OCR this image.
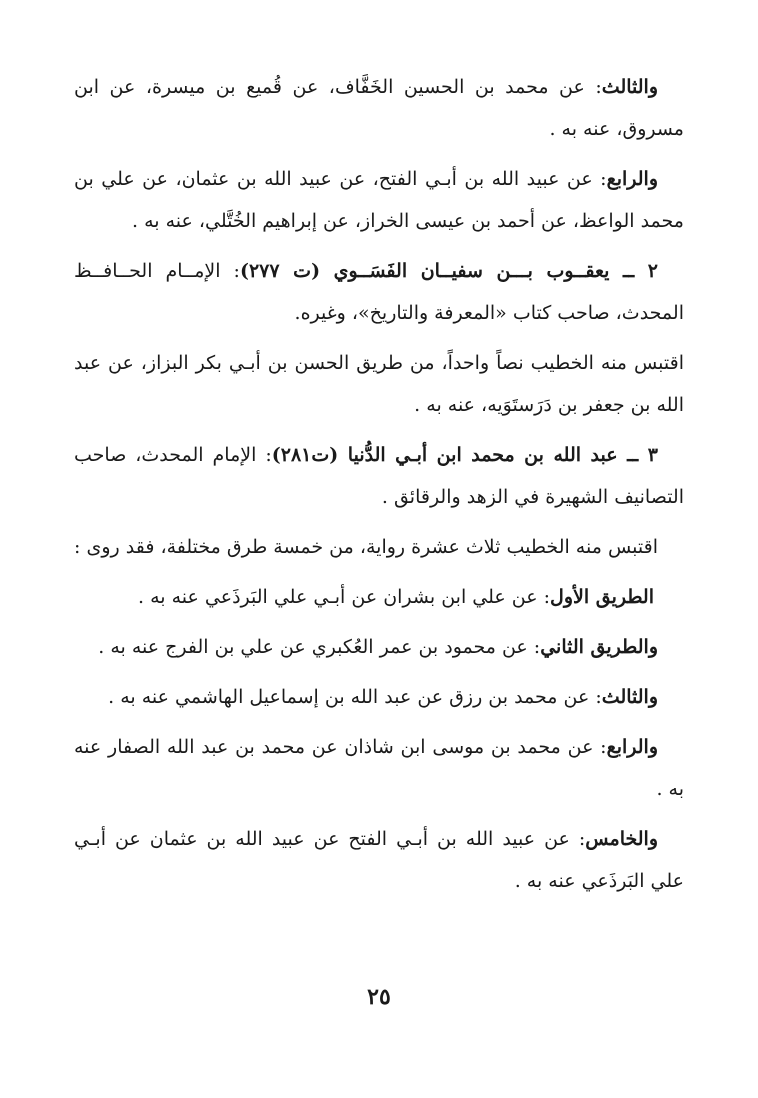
والثالث: عن محمد بن الحسين الخَفَّاف، عن قُميع بن ميسرة، عن ابن مسروق، عنه به .

والرابع: عن عبيد الله بن أبـي الفتح، عن عبيد الله بن عثمان، عن علي بن محمد الواعظ، عن أحمد بن عيسى الخراز، عن إبراهيم الخُتَّلي، عنه به .

٢ ــ يعقــوب بـــن سفيــان الفَسَــوي (ت ٢٧٧): الإمــام الحــافــظ المحدث، صاحب كتاب «المعرفة والتاريخ»، وغيره.

اقتبس منه الخطيب نصاً واحداً، من طريق الحسن بن أبـي بكر البزاز، عن عبد الله بن جعفر بن دَرَستَوَيه، عنه به .

٣ ــ عبد الله بن محمد ابن أبـي الدُّنيا (ت٢٨١): الإمام المحدث، صاحب التصانيف الشهيرة في الزهد والرقائق .

اقتبس منه الخطيب ثلاث عشرة رواية، من خمسة طرق مختلفة، فقد روى :

الطريق الأول: عن علي ابن بشران عن أبـي علي البَرذَعي عنه به .

والطريق الثاني: عن محمود بن عمر العُكبري عن علي بن الفرج عنه به .

والثالث: عن محمد بن رزق عن عبد الله بن إسماعيل الهاشمي عنه به .

والرابع: عن محمد بن موسى ابن شاذان عن محمد بن عبد الله الصفار عنه به .

والخامس: عن عبيد الله بن أبـي الفتح عن عبيد الله بن عثمان عن أبـي علي البَرذَعي عنه به .

٢٥
